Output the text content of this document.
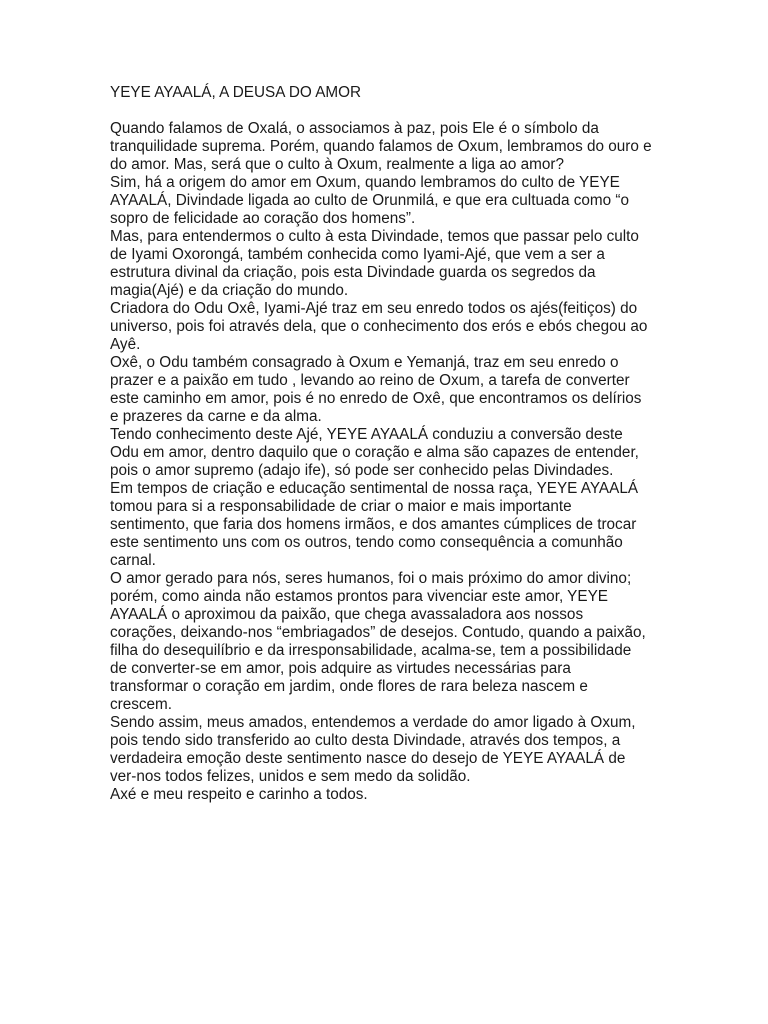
YEYE AYAALÁ, A DEUSA DO AMOR

Quando falamos de Oxalá, o associamos à paz, pois Ele é o símbolo da
tranquilidade suprema. Porém, quando falamos de Oxum, lembramos do ouro e
do amor. Mas, será que o culto à Oxum, realmente a liga ao amor?
Sim, há a origem do amor em Oxum, quando lembramos do culto de YEYE
AYAALÁ, Divindade ligada ao culto de Orunmilá, e que era cultuada como “o
sopro de felicidade ao coração dos homens”.
Mas, para entendermos o culto à esta Divindade, temos que passar pelo culto
de Iyami Oxorongá, também conhecida como Iyami-Ajé, que vem a ser a
estrutura divinal da criação, pois esta Divindade guarda os segredos da
magia(Ajé) e da criação do mundo.
Criadora do Odu Oxê, Iyami-Ajé traz em seu enredo todos os ajés(feitiços) do
universo, pois foi através dela, que o conhecimento dos erós e ebós chegou ao
Ayê.
Oxê, o Odu também consagrado à Oxum e Yemanjá, traz em seu enredo o
prazer e a paixão em tudo , levando ao reino de Oxum, a tarefa de converter
este caminho em amor, pois é no enredo de Oxê, que encontramos os delírios
e prazeres da carne e da alma.
Tendo conhecimento deste Ajé, YEYE AYAALÁ conduziu a conversão deste
Odu em amor, dentro daquilo que o coração e alma são capazes de entender,
pois o amor supremo (adajo ife), só pode ser conhecido pelas Divindades.
Em tempos de criação e educação sentimental de nossa raça, YEYE AYAALÁ
tomou para si a responsabilidade de criar o maior e mais importante
sentimento, que faria dos homens irmãos, e dos amantes cúmplices de trocar
este sentimento uns com os outros, tendo como consequência a comunhão
carnal.
O amor gerado para nós, seres humanos, foi o mais próximo do amor divino;
porém, como ainda não estamos prontos para vivenciar este amor, YEYE
AYAALÁ o aproximou da paixão, que chega avassaladora aos nossos
corações, deixando-nos “embriagados” de desejos. Contudo, quando a paixão,
filha do desequilíbrio e da irresponsabilidade, acalma-se, tem a possibilidade
de converter-se em amor, pois adquire as virtudes necessárias para
transformar o coração em jardim, onde flores de rara beleza nascem e
crescem.
Sendo assim, meus amados, entendemos a verdade do amor ligado à Oxum,
pois tendo sido transferido ao culto desta Divindade, através dos tempos, a
verdadeira emoção deste sentimento nasce do desejo de YEYE AYAALÁ de
ver-nos todos felizes, unidos e sem medo da solidão.
Axé e meu respeito e carinho a todos.
